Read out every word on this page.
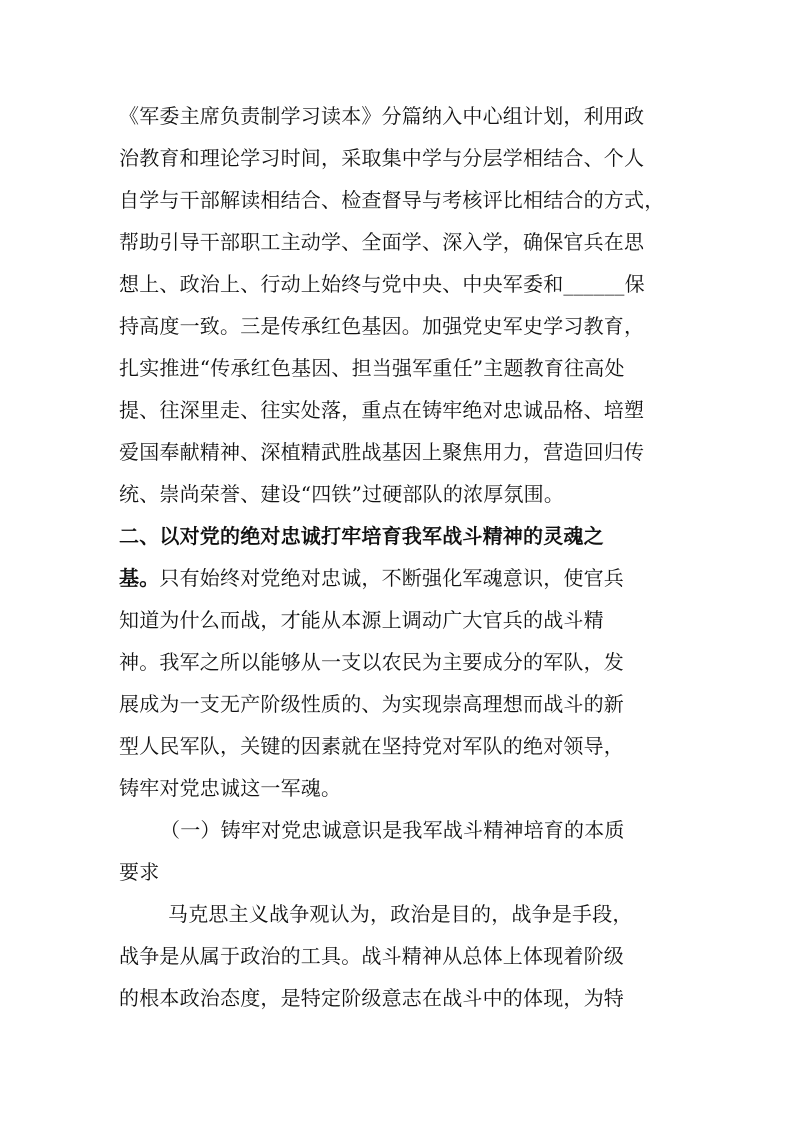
《军委主席负责制学习读本》分篇纳入中心组计划，利用政
治教育和理论学习时间，采取集中学与分层学相结合、个人
自学与干部解读相结合、检查督导与考核评比相结合的方式，
帮助引导干部职工主动学、全面学、深入学，确保官兵在思
想上、政治上、行动上始终与党中央、中央军委和______保
持高度一致。三是传承红色基因。加强党史军史学习教育，
扎实推进“传承红色基因、担当强军重任”主题教育往高处
提、往深里走、往实处落，重点在铸牢绝对忠诚品格、培塑
爱国奉献精神、深植精武胜战基因上聚焦用力，营造回归传
统、崇尚荣誉、建设“四铁”过硬部队的浓厚氛围。
二、以对党的绝对忠诚打牢培育我军战斗精神的灵魂之
基。只有始终对党绝对忠诚，不断强化军魂意识，使官兵
知道为什么而战，才能从本源上调动广大官兵的战斗精
神。我军之所以能够从一支以农民为主要成分的军队，发
展成为一支无产阶级性质的、为实现崇高理想而战斗的新
型人民军队，关键的因素就在坚持党对军队的绝对领导，
铸牢对党忠诚这一军魂。
（一）铸牢对党忠诚意识是我军战斗精神培育的本质
要求
马克思主义战争观认为，政治是目的，战争是手段，
战争是从属于政治的工具。战斗精神从总体上体现着阶级
的根本政治态度，是特定阶级意志在战斗中的体现，为特
